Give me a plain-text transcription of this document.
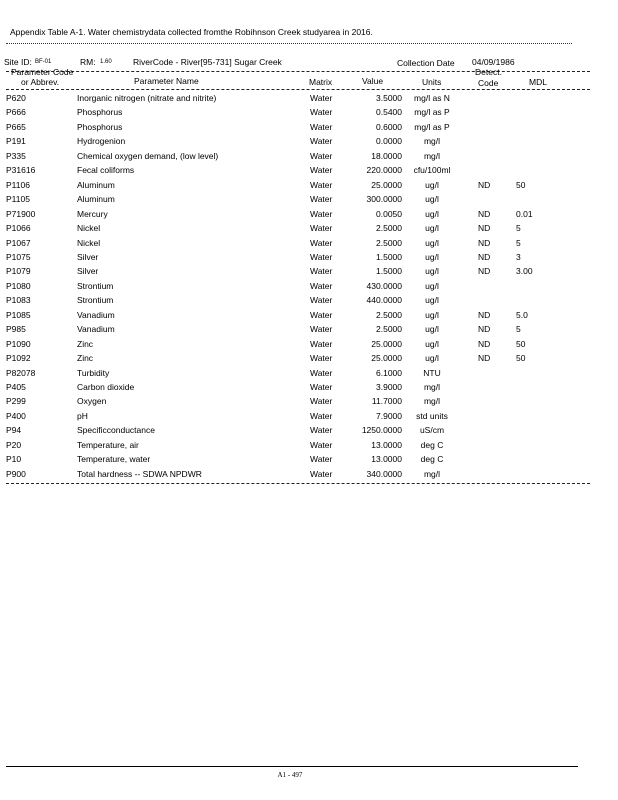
Appendix Table A-1. Water chemistrydata collected fromthe Robihnson Creek studyarea in 2016.
Site ID: BF-01	RM: 1.60	RiverCode - River[95-731] Sugar Creek	Collection Date 04/09/1986
Parameter Code
or Abbrev.	Parameter Name	Matrix	Value	Units
Detect.
Code	MDL
P620	Inorganic nitrogen (nitrate and nitrite)	Water	3.5000	mg/l as N
P666	Phosphorus	Water	0.5400	mg/l as P
P665	Phosphorus	Water	0.6000	mg/l as P
P191	Hydrogenion	Water	0.0000	mg/l
P335	Chemical oxygen demand, (low level)	Water	18.0000	mg/l
P31616	Fecal coliforms	Water	220.0000	cfu/100ml
P1106	Aluminum	Water	25.0000	ug/l	ND	50
P1105	Aluminum	Water	300.0000	ug/l
P71900	Mercury	Water	0.0050	ug/l	ND	0.01
P1066	Nickel	Water	2.5000	ug/l	ND	5
P1067	Nickel	Water	2.5000	ug/l	ND	5
P1075	Silver	Water	1.5000	ug/l	ND	3
P1079	Silver	Water	1.5000	ug/l	ND	3.00
P1080	Strontium	Water	430.0000	ug/l
P1083	Strontium	Water	440.0000	ug/l
P1085	Vanadium	Water	2.5000	ug/l	ND	5.0
P985	Vanadium	Water	2.5000	ug/l	ND	5
P1090	Zinc	Water	25.0000	ug/l	ND	50
P1092	Zinc	Water	25.0000	ug/l	ND	50
P82078	Turbidity	Water	6.1000	NTU
P405	Carbon dioxide	Water	3.9000	mg/l
P299	Oxygen	Water	11.7000	mg/l
P400	pH	Water	7.9000	std units
P94	Specificconductance	Water	1250.0000	uS/cm
P20	Temperature, air	Water	13.0000	deg C
P10	Temperature, water	Water	13.0000	deg C
P900	Total hardness -- SDWA NPDWR	Water	340.0000	mg/l
A1 - 497
